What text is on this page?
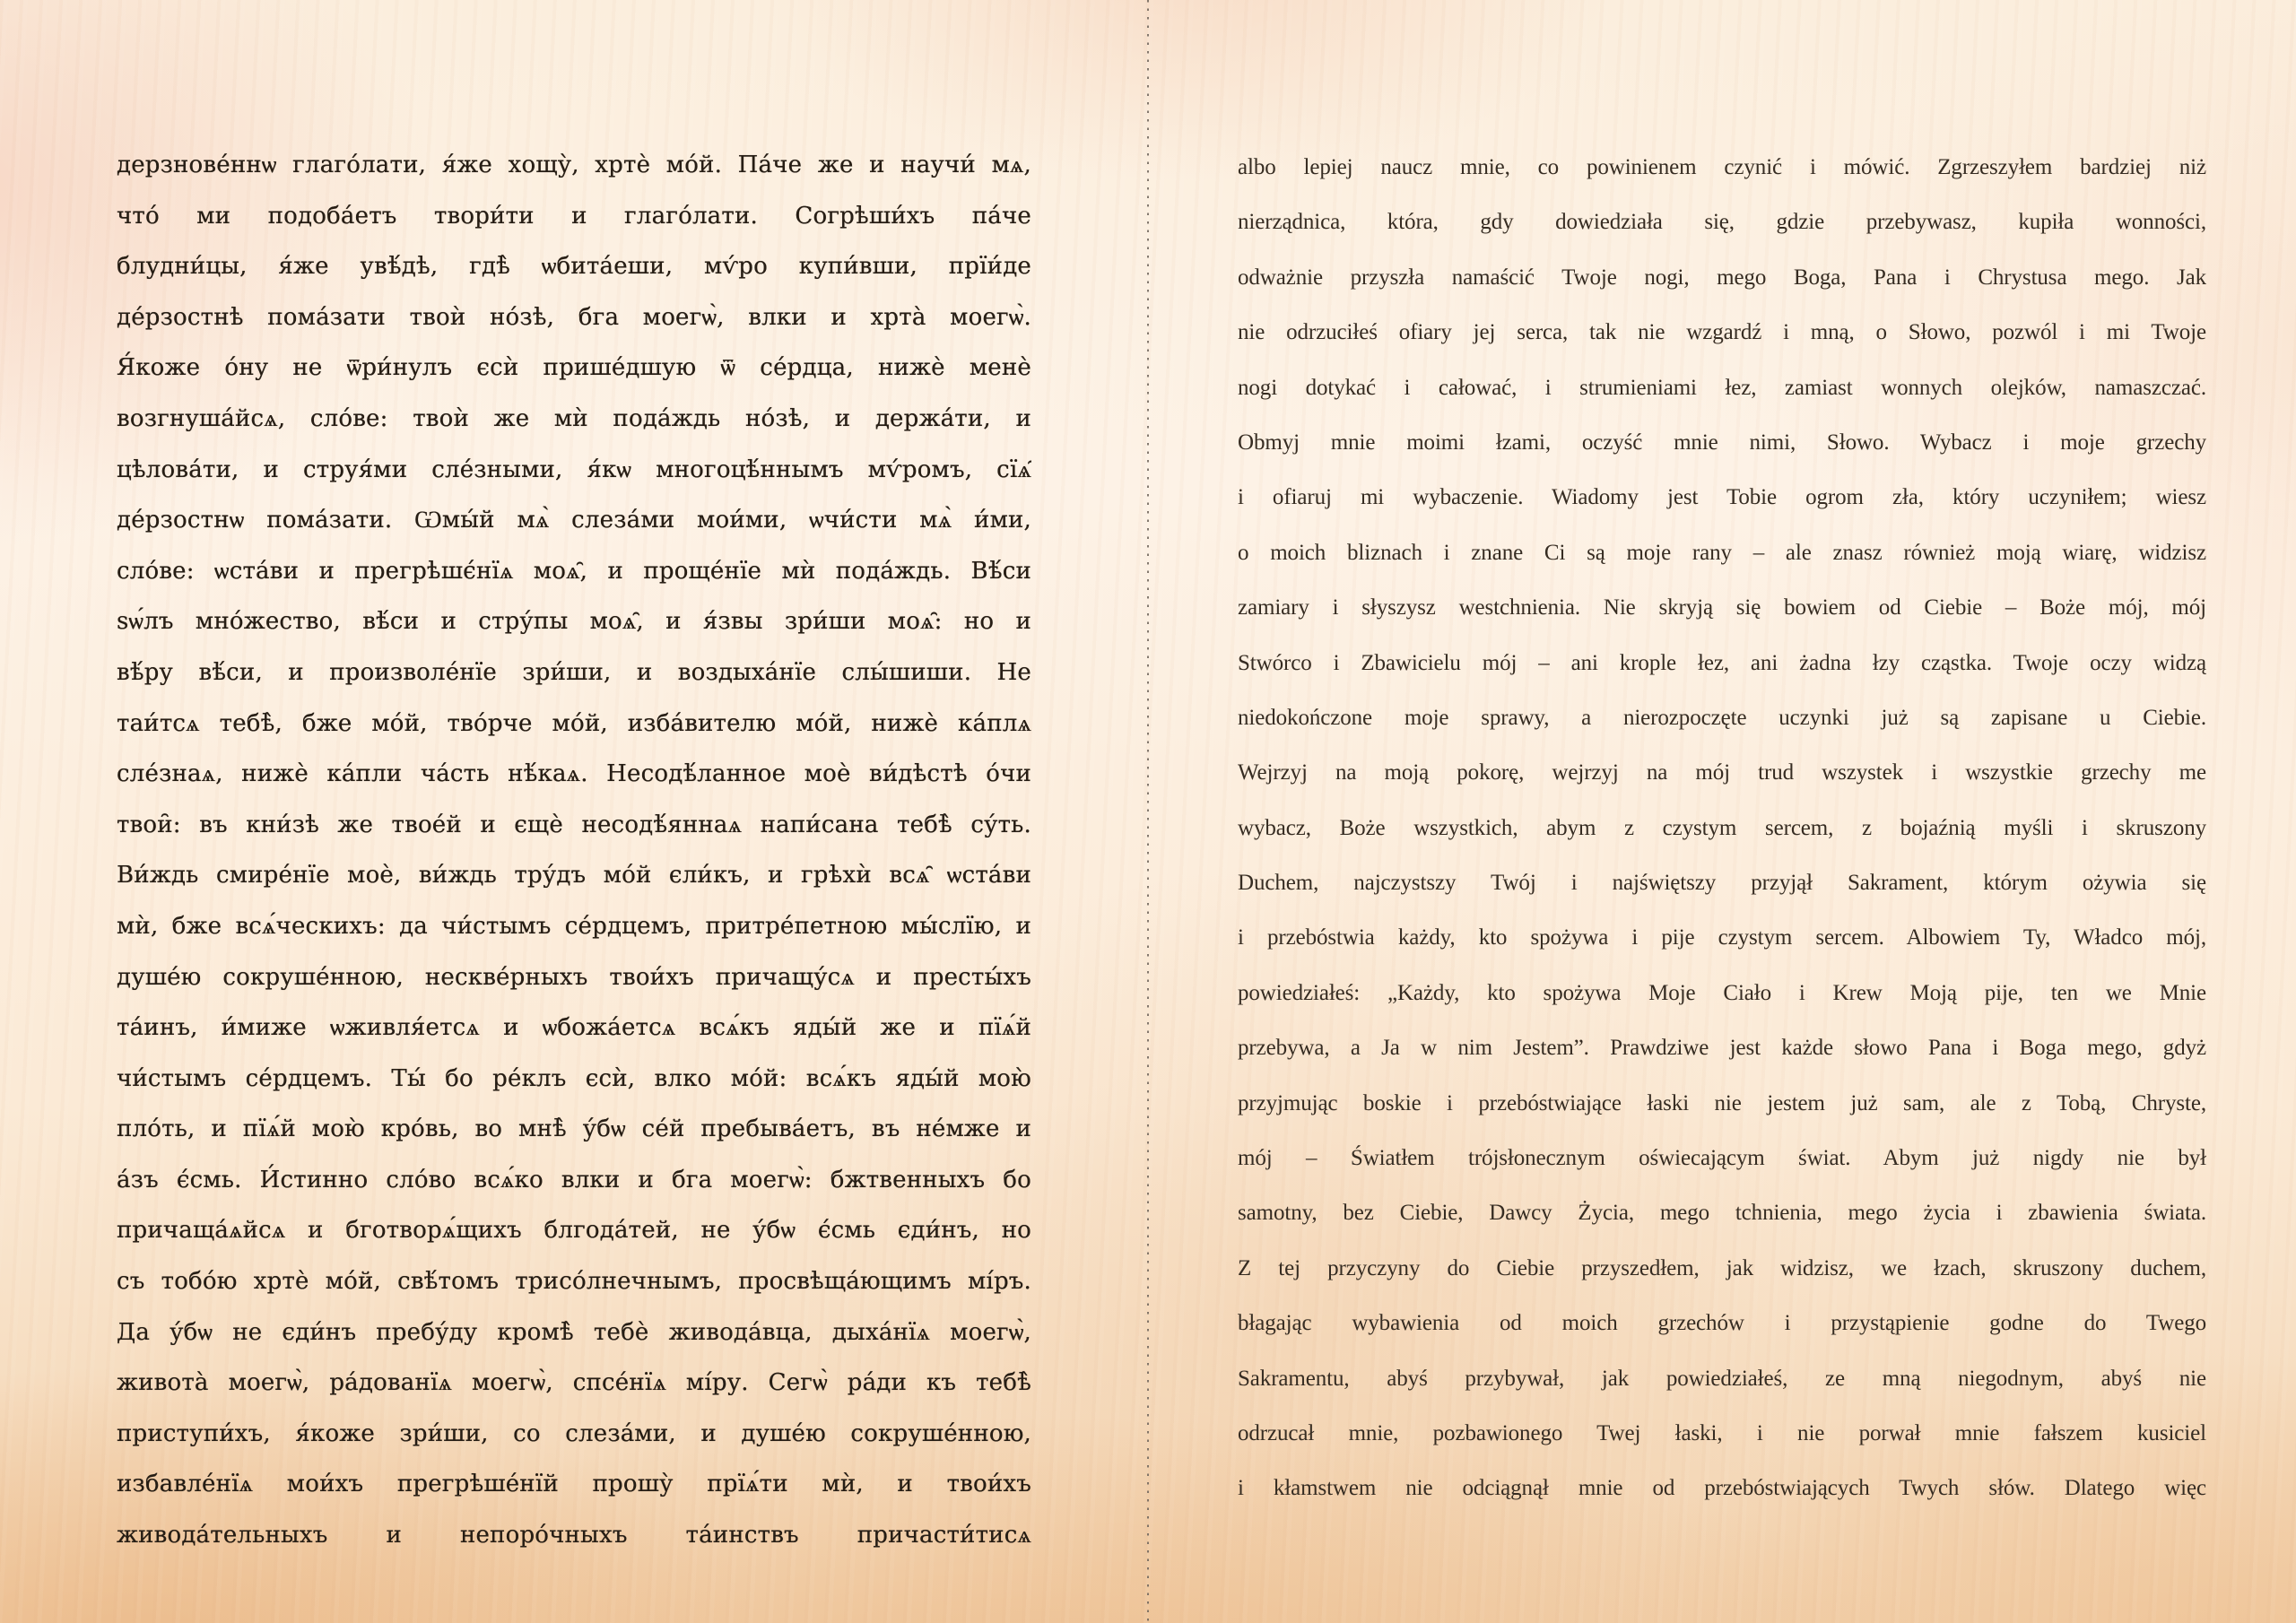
дерзнове́ннѡ глаго́лати, я́же хощу̀, хртѐ мо́й. Па́че же и научи́ мѧ,
что́ ми подоба́етъ твори́ти и глаго́лати. Согрѣши́хъ па́че
блудни́цы, я́же увѣ́дѣ, гдѣ̀ ѡбита́еши, мѵ́ро купи́вши, прїи́де
де́рзостнѣ пома́зати твоѝ но́зѣ, бга моегѡ̀, влки и хрта̀ моегѡ̀.
Я́коже о́ну не ѿри́нулъ єсѝ прише́дшую ѿ се́рдца, нижѐ менѐ
возгнуша́йсѧ, сло́ве: твоѝ же мѝ пода́ждь но́зѣ, и держа́ти, и
цѣлова́ти, и струя́ми сле́зными, я́кѡ многоцѣ́ннымъ мѵ́ромъ, сїѧ̑
де́рзостнѡ пома́зати. Ѡмы́й мѧ̀ слеза́ми мои́ми, ѡчи́сти мѧ̀ и́ми,
сло́ве: ѡста́ви и прегрѣшє́нїѧ моѧ̑, и проще́нїе мѝ пода́ждь. Вѣ́си
ѕѡ́лъ мно́жество, вѣ́си и стру́пы моѧ̑, и я́звы зри́ши моѧ̑: но и
вѣ́ру вѣ́си, и произволе́нїе зри́ши, и воздыха́нїе слы́шиши. Не
таи́тсѧ тебѣ̀, бже мо́й, тво́рче мо́й, изба́вителю мо́й, нижѐ ка́плѧ
сле́знаѧ, нижѐ ка́пли ча́сть нѣ́каѧ. Несодѣ́ланное моѐ ви́дѣстѣ о́чи
твои̑: въ кни́зѣ же твое́й и єщѐ несодѣ́яннаѧ напи́сана тебѣ̀ су́ть.
Ви́ждь смире́нїе моѐ, ви́ждь тру́дъ мо́й єли́къ, и грѣхѝ всѧ̑ ѡста́ви
мѝ, бже всѧ́ческихъ: да чи́стымъ се́рдцемъ, притре́петною мы́слїю, и
душе́ю сокруше́нною, нескве́рныхъ твои́хъ причащу́сѧ и престы́хъ
та́инъ, и́миже ѡживля́етсѧ и ѡбожа́етсѧ всѧ́къ яды́й же и пїѧ́й
чи́стымъ се́рдцемъ. Ты́ бо ре́клъ єсѝ, влко мо́й: всѧ́къ яды́й мою̀
пло́ть, и пїѧ́й мою̀ кро́вь, во мнѣ̀ у́бѡ се́й пребыва́етъ, въ не́мже и
а́зъ є́смь. И́стинно сло́во всѧ́ко влки и бга моегѡ̀: бжтвенныхъ бо
причаща́ѧйсѧ и бготворѧ́щихъ блгода́тей, не у́бѡ є́смь єди́нъ, но
съ тобо́ю хртѐ мо́й, свѣ́томъ трисо́лнечнымъ, просвѣща́ющимъ мі́ръ.
Да у́бѡ не єди́нъ пребу́ду кромѣ̀ тебѐ живода́вца, дыха́нїѧ моегѡ̀,
живота̀ моегѡ̀, ра́дованїѧ моегѡ̀, спсе́нїѧ мі́ру. Сегѡ̀ ра́ди къ тебѣ̀
приступи́хъ, я́коже зри́ши, со слеза́ми, и душе́ю сокруше́нною,
избавле́нїѧ мои́хъ прегрѣше́нїй прошу̀ прїѧ́ти мѝ, и твои́хъ
живода́тельныхъ и непоро́чныхъ та́инствъ причасти́тисѧ
albo lepiej naucz mnie, co powinienem czynić i mówić. Zgrzeszyłem bardziej niż
nierządnica, która, gdy dowiedziała się, gdzie przebywasz, kupiła wonności,
odważnie przyszła namaścić Twoje nogi, mego Boga, Pana i Chrystusa mego. Jak
nie odrzuciłeś ofiary jej serca, tak nie wzgardź i mną, o Słowo, pozwól i mi Twoje
nogi dotykać i całować, i strumieniami łez, zamiast wonnych olejków, namaszczać.
Obmyj mnie moimi łzami, oczyść mnie nimi, Słowo. Wybacz i moje grzechy
i ofiaruj mi wybaczenie. Wiadomy jest Tobie ogrom zła, który uczyniłem; wiesz
o moich bliznach i znane Ci są moje rany – ale znasz również moją wiarę, widzisz
zamiary i słyszysz westchnienia. Nie skryją się bowiem od Ciebie – Boże mój, mój
Stwórco i Zbawicielu mój – ani krople łez, ani żadna łzy cząstka. Twoje oczy widzą
niedokończone moje sprawy, a nierozpoczęte uczynki już są zapisane u Ciebie.
Wejrzyj na moją pokorę, wejrzyj na mój trud wszystek i wszystkie grzechy me
wybacz, Boże wszystkich, abym z czystym sercem, z bojaźnią myśli i skruszony
Duchem, najczystszy Twój i najświętszy przyjął Sakrament, którym ożywia się
i przebóstwia każdy, kto spożywa i pije czystym sercem. Albowiem Ty, Władco mój,
powiedziałeś: „Każdy, kto spożywa Moje Ciało i Krew Moją pije, ten we Mnie
przebywa, a Ja w nim Jestem”. Prawdziwe jest każde słowo Pana i Boga mego, gdyż
przyjmując boskie i przebóstwiające łaski nie jestem już sam, ale z Tobą, Chryste,
mój – Światłem trójsłonecznym oświecającym świat. Abym już nigdy nie był
samotny, bez Ciebie, Dawcy Życia, mego tchnienia, mego życia i zbawienia świata.
Z tej przyczyny do Ciebie przyszedłem, jak widzisz, we łzach, skruszony duchem,
błagając wybawienia od moich grzechów i przystąpienie godne do Twego
Sakramentu, abyś przybywał, jak powiedziałeś, ze mną niegodnym, abyś nie
odrzucał mnie, pozbawionego Twej łaski, i nie porwał mnie fałszem kusiciel
i kłamstwem nie odciągnął mnie od przebóstwiających Twych słów. Dlatego więc
